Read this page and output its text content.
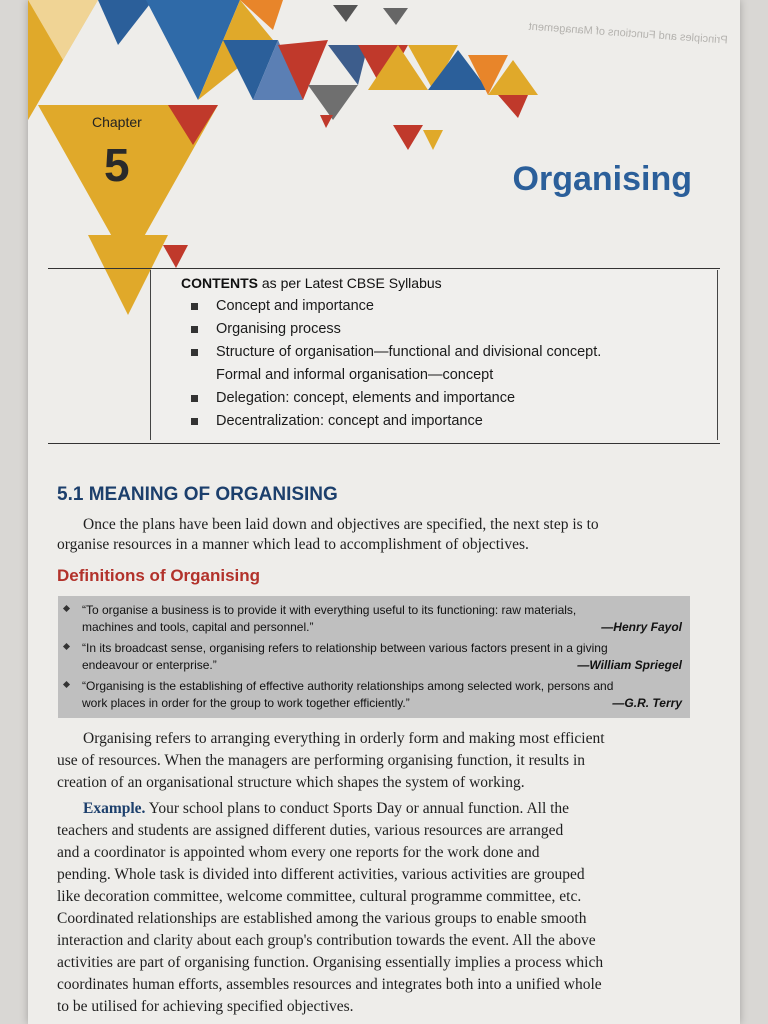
Principles and Functions of Management
Chapter
5	Organising
CONTENTS as per Latest CBSE Syllabus
Concept and importance
Organising process
Structure of organisation—functional and divisional concept.
Formal and informal organisation—concept
Delegation: concept, elements and importance
Decentralization: concept and importance
5.1 MEANING OF ORGANISING
Once the plans have been laid down and objectives are specified, the next step is to
organise resources in a manner which lead to accomplishment of objectives.
Definitions of Organising
“To organise a business is to provide it with everything useful to its functioning: raw materials,
machines and tools, capital and personnel.”	—Henry Fayol
“In its broadcast sense, organising refers to relationship between various factors present in a giving
endeavour or enterprise.”	—William Spriegel
“Organising is the establishing of effective authority relationships among selected work, persons and
work places in order for the group to work together efficiently.”	—G.R. Terry
Organising refers to arranging everything in orderly form and making most efficient
use of resources. When the managers are performing organising function, it results in
creation of an organisational structure which shapes the system of working.
Example. Your school plans to conduct Sports Day or annual function. All the
teachers and students are assigned different duties, various resources are arranged
and a coordinator is appointed whom every one reports for the work done and
pending. Whole task is divided into different activities, various activities are grouped
like decoration committee, welcome committee, cultural programme committee, etc.
Coordinated relationships are established among the various groups to enable smooth
interaction and clarity about each group's contribution towards the event. All the above
activities are part of organising function. Organising essentially implies a process which
coordinates human efforts, assembles resources and integrates both into a unified whole
to be utilised for achieving specified objectives.
